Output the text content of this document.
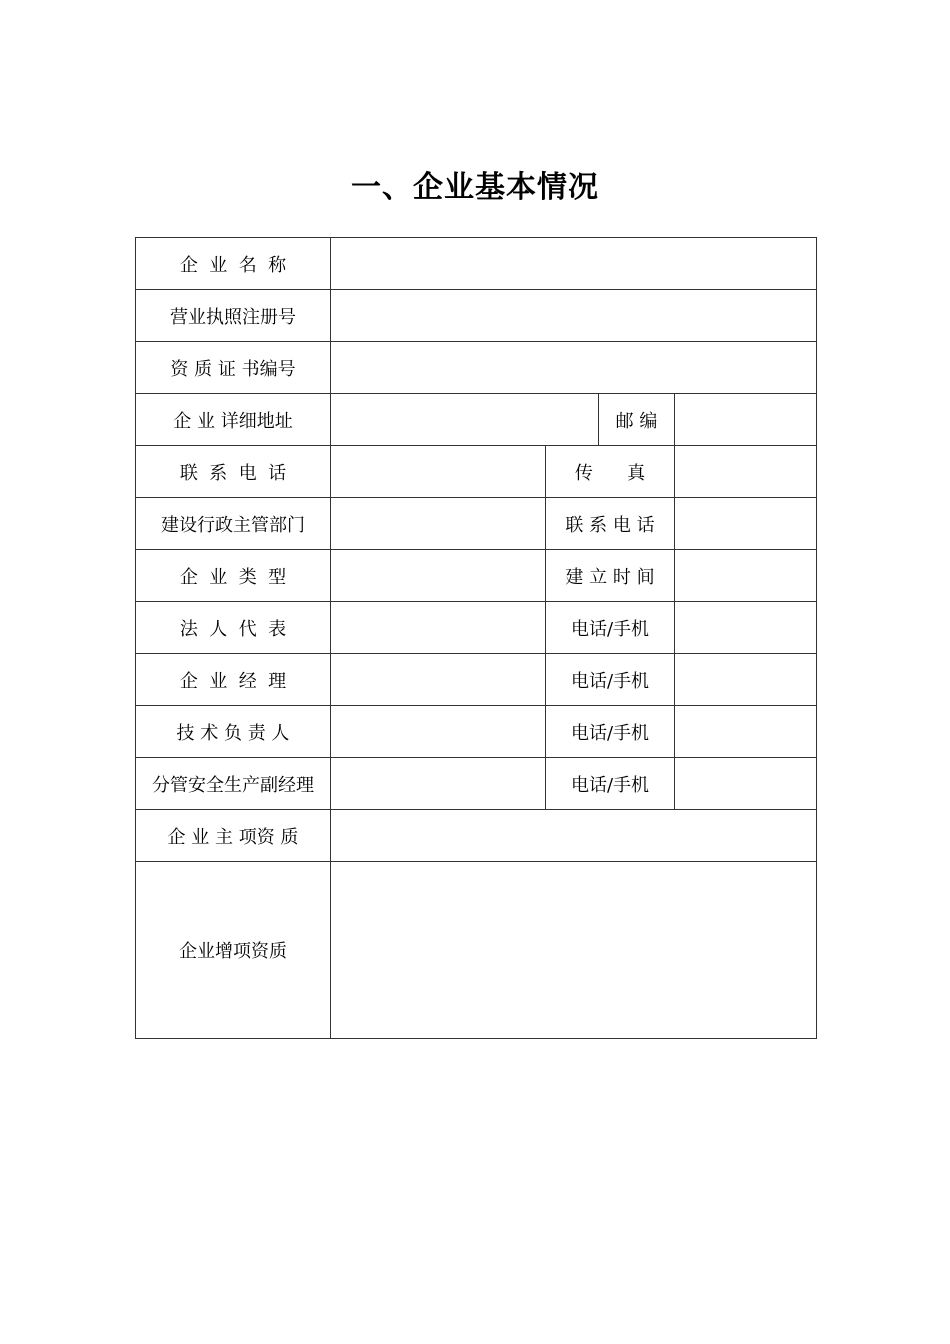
一、企业基本情况
企  业  名  称				
营业执照注册号				
资 质 证 书编号				
企 业 详细地址			邮 编	
联  系  电  话		传      真		
建设行政主管部门		联 系 电 话		
企  业  类  型		建 立 时 间		
法  人  代  表		电话/手机		
企  业  经  理		电话/手机		
技 术 负 责 人		电话/手机		
分管安全生产副经理		电话/手机		
企 业 主 项资 质				
企业增项资质				
